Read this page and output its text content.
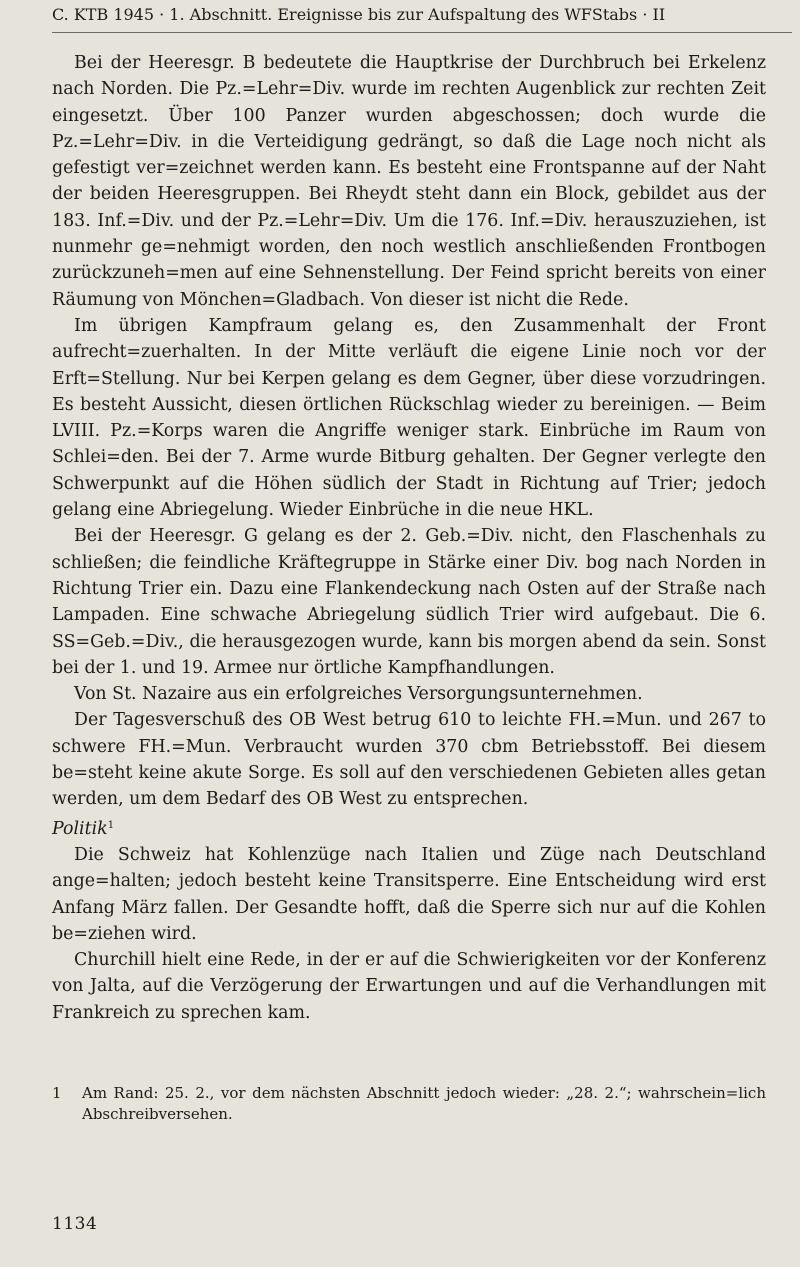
C. KTB 1945 · 1. Abschnitt. Ereignisse bis zur Aufspaltung des WFStabs · II

Bei der Heeresgr. B bedeutete die Hauptkrise der Durchbruch bei Erkelenz nach Norden. Die Pz.=Lehr=Div. wurde im rechten Augenblick zur rechten Zeit eingesetzt. Über 100 Panzer wurden abgeschossen; doch wurde die Pz.=Lehr=Div. in die Verteidigung gedrängt, so daß die Lage noch nicht als gefestigt ver=zeichnet werden kann. Es besteht eine Frontspanne auf der Naht der beiden Heeresgruppen. Bei Rheydt steht dann ein Block, gebildet aus der 183. Inf.=Div. und der Pz.=Lehr=Div. Um die 176. Inf.=Div. herauszuziehen, ist nunmehr ge=nehmigt worden, den noch westlich anschließenden Frontbogen zurückzuneh=men auf eine Sehnenstellung. Der Feind spricht bereits von einer Räumung von Mönchen=Gladbach. Von dieser ist nicht die Rede.

Im übrigen Kampfraum gelang es, den Zusammenhalt der Front aufrecht=zuerhalten. In der Mitte verläuft die eigene Linie noch vor der Erft=Stellung. Nur bei Kerpen gelang es dem Gegner, über diese vorzudringen. Es besteht Aussicht, diesen örtlichen Rückschlag wieder zu bereinigen. — Beim LVIII. Pz.=Korps waren die Angriffe weniger stark. Einbrüche im Raum von Schlei=den. Bei der 7. Arme wurde Bitburg gehalten. Der Gegner verlegte den Schwerpunkt auf die Höhen südlich der Stadt in Richtung auf Trier; jedoch gelang eine Abriegelung. Wieder Einbrüche in die neue HKL.

Bei der Heeresgr. G gelang es der 2. Geb.=Div. nicht, den Flaschenhals zu schließen; die feindliche Kräftegruppe in Stärke einer Div. bog nach Norden in Richtung Trier ein. Dazu eine Flankendeckung nach Osten auf der Straße nach Lampaden. Eine schwache Abriegelung südlich Trier wird aufgebaut. Die 6. SS=Geb.=Div., die herausgezogen wurde, kann bis morgen abend da sein. Sonst bei der 1. und 19. Armee nur örtliche Kampfhandlungen.

Von St. Nazaire aus ein erfolgreiches Versorgungsunternehmen.

Der Tagesverschuß des OB West betrug 610 to leichte FH.=Mun. und 267 to schwere FH.=Mun. Verbraucht wurden 370 cbm Betriebsstoff. Bei diesem be=steht keine akute Sorge. Es soll auf den verschiedenen Gebieten alles getan werden, um dem Bedarf des OB West zu entsprechen.

Politik$^1$

Die Schweiz hat Kohlenzüge nach Italien und Züge nach Deutschland ange=halten; jedoch besteht keine Transitsperre. Eine Entscheidung wird erst Anfang März fallen. Der Gesandte hofft, daß die Sperre sich nur auf die Kohlen be=ziehen wird.

Churchill hielt eine Rede, in der er auf die Schwierigkeiten vor der Konferenz von Jalta, auf die Verzögerung der Erwartungen und auf die Verhandlungen mit Frankreich zu sprechen kam.

1	Am Rand: 25. 2., vor dem nächsten Abschnitt jedoch wieder: „28. 2.“; wahrschein=lich Abschreibversehen.
1134
